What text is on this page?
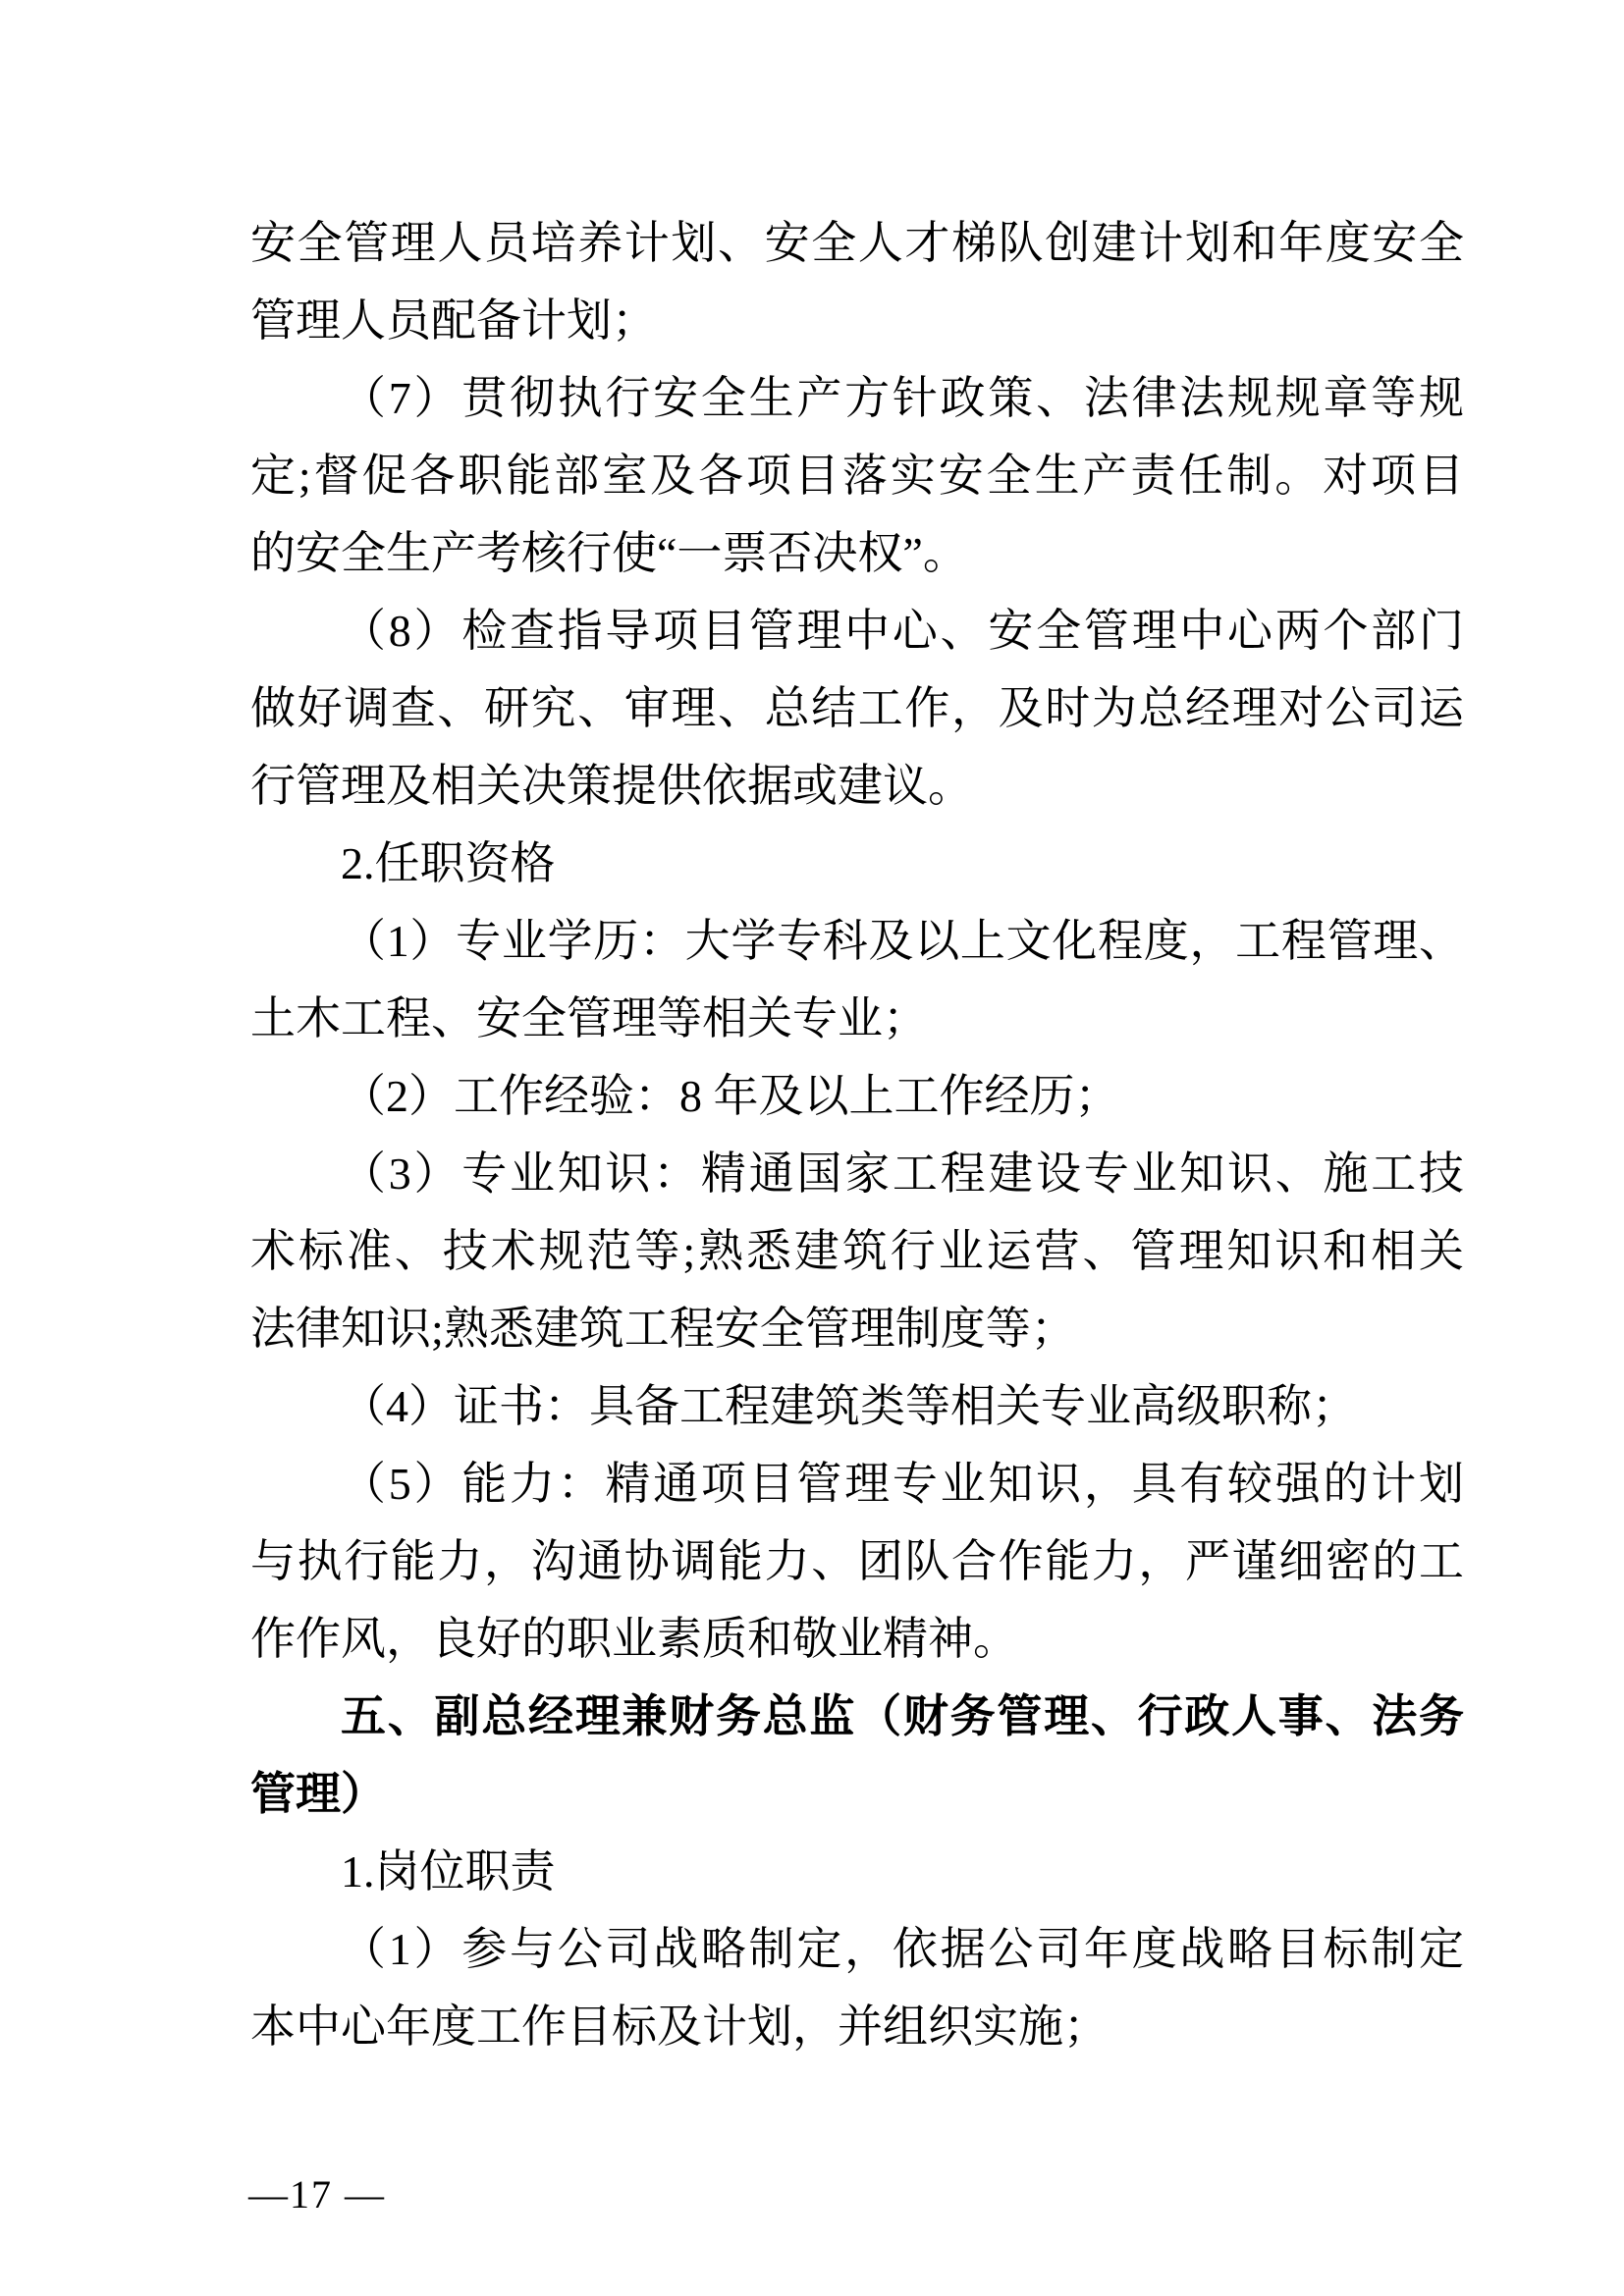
安全管理人员培养计划、安全人才梯队创建计划和年度安全
管理人员配备计划；
（7）贯彻执行安全生产方针政策、法律法规规章等规
定;督促各职能部室及各项目落实安全生产责任制。对项目
的安全生产考核行使“一票否决权”。
（8）检查指导项目管理中心、安全管理中心两个部门
做好调查、研究、审理、总结工作，及时为总经理对公司运
行管理及相关决策提供依据或建议。
2.任职资格
（1）专业学历：大学专科及以上文化程度，工程管理、
土木工程、安全管理等相关专业；
（2）工作经验：8 年及以上工作经历；
（3）专业知识：精通国家工程建设专业知识、施工技
术标准、技术规范等;熟悉建筑行业运营、管理知识和相关
法律知识;熟悉建筑工程安全管理制度等；
（4）证书：具备工程建筑类等相关专业高级职称；
（5）能力：精通项目管理专业知识，具有较强的计划
与执行能力，沟通协调能力、团队合作能力，严谨细密的工
作作风，良好的职业素质和敬业精神。
五、副总经理兼财务总监（财务管理、行政人事、法务
管理）
1.岗位职责
（1）参与公司战略制定，依据公司年度战略目标制定
本中心年度工作目标及计划，并组织实施；
—17 —
